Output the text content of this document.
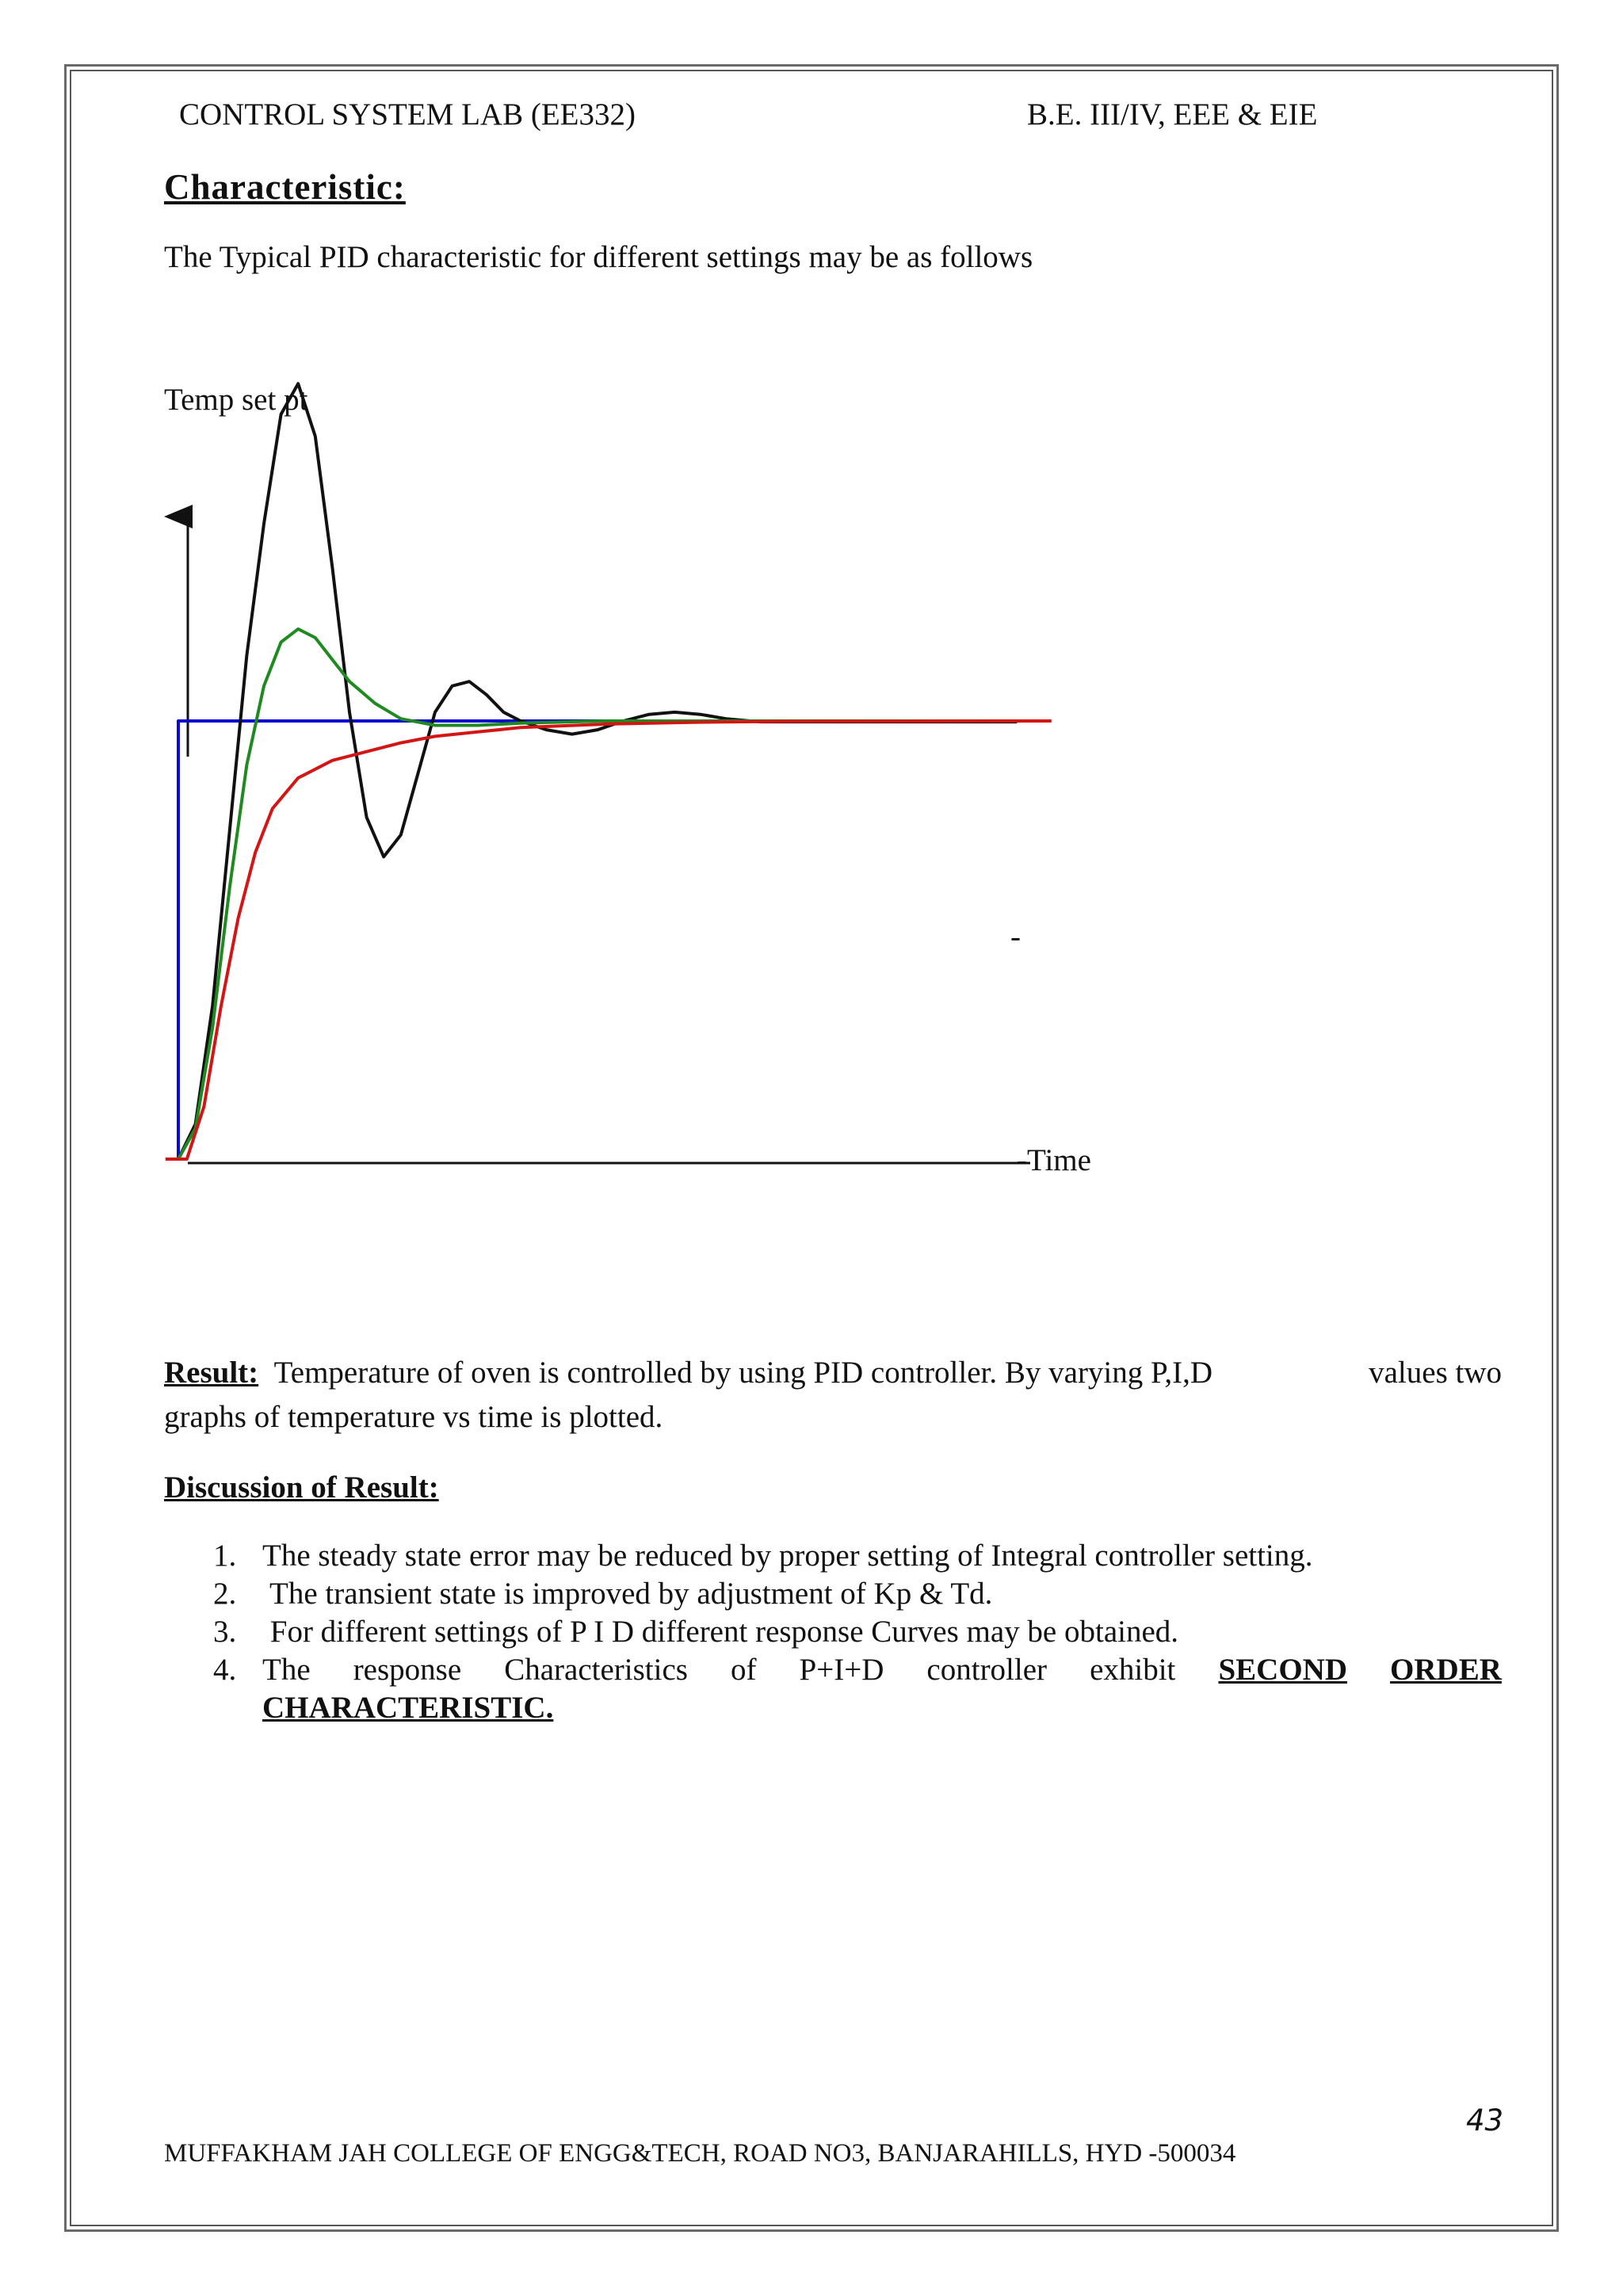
CONTROL SYSTEM LAB (EE332)	B.E. III/IV, EEE & EIE
Characteristic:
The Typical PID characteristic for different settings may be as follows
Temp set pt
-
-Time
Result: Temperature of oven is controlled by using PID controller. By varying P,I,D	values two
graphs of temperature vs time is plotted.
Discussion of Result:
1. The steady state error may be reduced by proper setting of Integral controller setting.
2. The transient state is improved by adjustment of Kp & Td.
3. For different settings of P I D different response Curves may be obtained.
4. The response Characteristics of P+I+D controller exhibit SECOND ORDER
CHARACTERISTIC.
43
MUFFAKHAM JAH COLLEGE OF ENGG&TECH, ROAD NO3, BANJARAHILLS, HYD -500034
